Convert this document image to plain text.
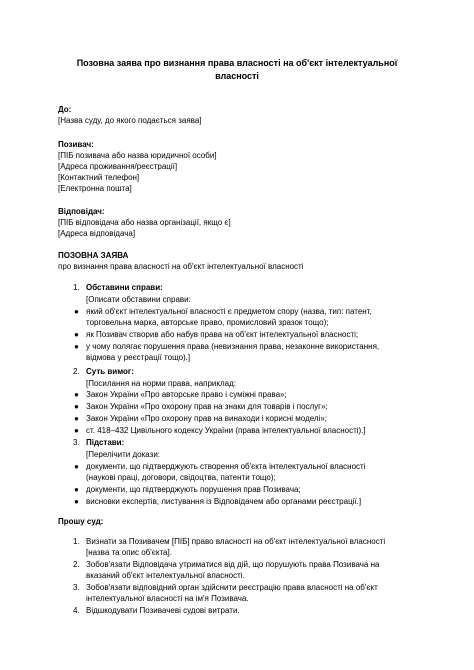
Позовна заява про визнання права власності на об'єкт інтелектуальної
власності
До:
[Назва суду, до якого подається заява]
Позивач:
[ПІБ позивача або назва юридичної особи]
[Адреса проживання/реєстрації]
[Контактний телефон]
[Електронна пошта]
Відповідач:
[ПІБ відповідача або назва організації, якщо є]
[Адреса відповідача]
ПОЗОВНА ЗАЯВА
про визнання права власності на об'єкт інтелектуальної власності
1. Обставини справи:
[Описати обставини справи:
● який об'єкт інтелектуальної власності є предметом спору (назва, тип: патент,
торговельна марка, авторське право, промисловий зразок тощо);
● як Позивач створив або набув права на об'єкт інтелектуальної власності;
● у чому полягає порушення права (невизнання права, незаконне використання,
відмова у реєстрації тощо).]
2. Суть вимог:
[Посилання на норми права, наприклад:
● Закон України «Про авторське право і суміжні права»;
● Закон України «Про охорону прав на знаки для товарів і послуг»;
● Закон України «Про охорону прав на винаходи і корисні моделі»;
● ст. 418–432 Цивільного кодексу України (права інтелектуальної власності).]
3. Підстави:
[Перелічити докази:
● документи, що підтверджують створення об'єкта інтелектуальної власності
(наукові праці, договори, свідоцтва, патенти тощо);
● документи, що підтверджують порушення прав Позивача;
● висновки експертів, листування із Відповідачем або органами реєстрації.]
Прошу суд:
1. Визнати за Позивачем [ПІБ] право власності на об'єкт інтелектуальної власності
[назва та опис об'єкта].
2. Зобов'язати Відповідача утриматися від дій, що порушують права Позивача на
вказаний об'єкт інтелектуальної власності.
3. Зобов'язати відповідний орган здійснити реєстрацію права власності на об'єкт
інтелектуальної власності на ім'я Позивача.
4. Відшкодувати Позивачеві судові витрати.
